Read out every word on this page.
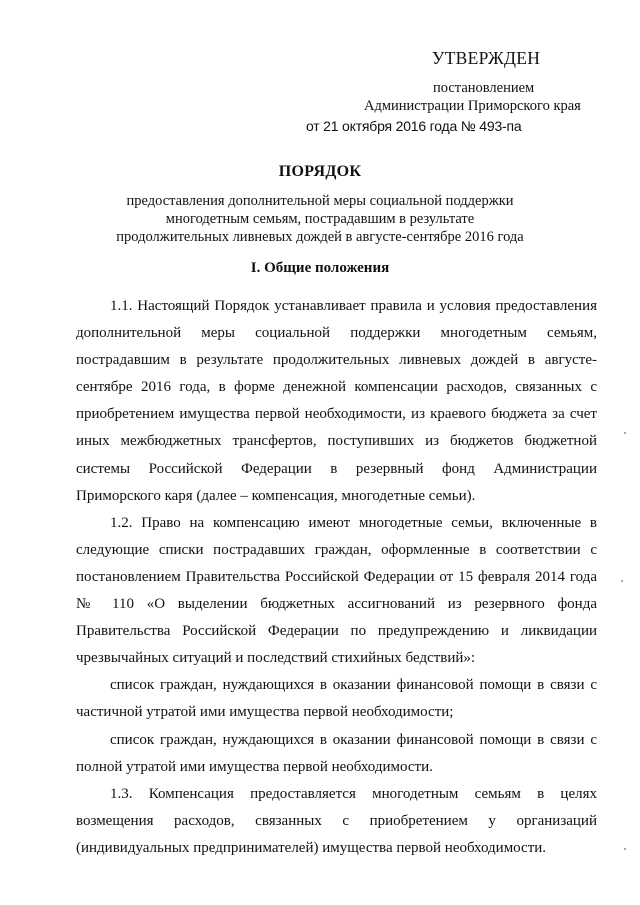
УТВЕРЖДЕН
постановлением
Администрации Приморского края
от 21 октября 2016 года № 493-па
ПОРЯДОК
предоставления дополнительной меры социальной поддержки
многодетным семьям, пострадавшим в результате
продолжительных ливневых дождей в августе-сентябре 2016 года
I. Общие положения

1.1. Настоящий Порядок устанавливает правила и условия предоставления дополнительной меры социальной поддержки многодетным семьям, пострадавшим в результате продолжительных ливневых дождей в августе-сентябре 2016 года, в форме денежной компенсации расходов, связанных с приобретением имущества первой необходимости, из краевого бюджета за счет иных межбюджетных трансфертов, поступивших из бюджетов бюджетной системы Российской Федерации в резервный фонд Администрации Приморского каря (далее – компенсация, многодетные семьи).

1.2. Право на компенсацию имеют многодетные семьи, включенные в следующие списки пострадавших граждан, оформленные в соответствии с постановлением Правительства Российской Федерации от 15 февраля 2014 года № 110 «О выделении бюджетных ассигнований из резервного фонда Правительства Российской Федерации по предупреждению и ликвидации чрезвычайных ситуаций и последствий стихийных бедствий»:

список граждан, нуждающихся в оказании финансовой помощи в связи с частичной утратой ими имущества первой необходимости;

список граждан, нуждающихся в оказании финансовой помощи в связи с полной утратой ими имущества первой необходимости.

1.3. Компенсация предоставляется многодетным семьям в целях возмещения расходов, связанных с приобретением у организаций (индивидуальных предпринимателей) имущества первой необходимости.
